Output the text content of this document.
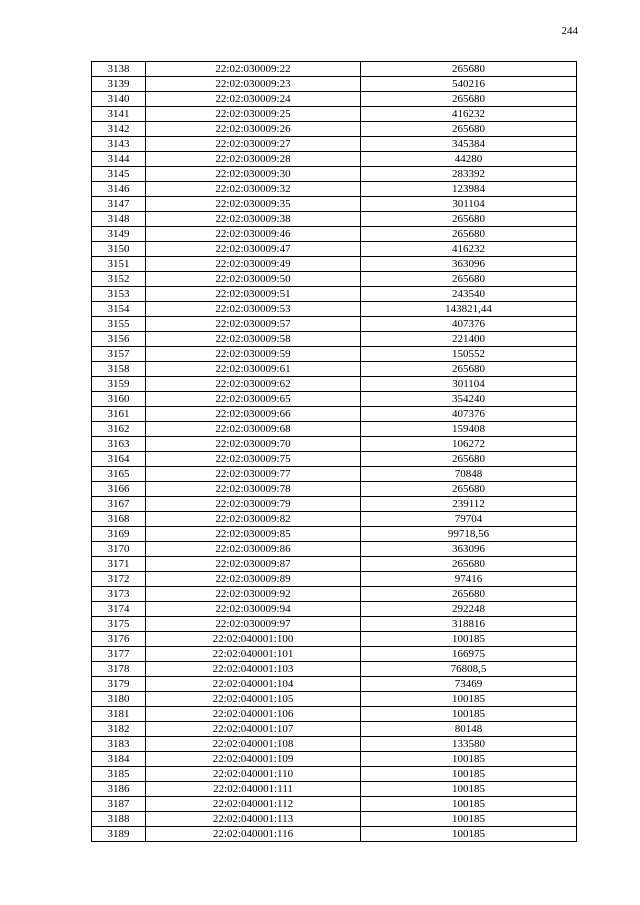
244
3138	22:02:030009:22	265680
3139	22:02:030009:23	540216
3140	22:02:030009:24	265680
3141	22:02:030009:25	416232
3142	22:02:030009:26	265680
3143	22:02:030009:27	345384
3144	22:02:030009:28	44280
3145	22:02:030009:30	283392
3146	22:02:030009:32	123984
3147	22:02:030009:35	301104
3148	22:02:030009:38	265680
3149	22:02:030009:46	265680
3150	22:02:030009:47	416232
3151	22:02:030009:49	363096
3152	22:02:030009:50	265680
3153	22:02:030009:51	243540
3154	22:02:030009:53	143821,44
3155	22:02:030009:57	407376
3156	22:02:030009:58	221400
3157	22:02:030009:59	150552
3158	22:02:030009:61	265680
3159	22:02:030009:62	301104
3160	22:02:030009:65	354240
3161	22:02:030009:66	407376
3162	22:02:030009:68	159408
3163	22:02:030009:70	106272
3164	22:02:030009:75	265680
3165	22:02:030009:77	70848
3166	22:02:030009:78	265680
3167	22:02:030009:79	239112
3168	22:02:030009:82	79704
3169	22:02:030009:85	99718,56
3170	22:02:030009:86	363096
3171	22:02:030009:87	265680
3172	22:02:030009:89	97416
3173	22:02:030009:92	265680
3174	22:02:030009:94	292248
3175	22:02:030009:97	318816
3176	22:02:040001:100	100185
3177	22:02:040001:101	166975
3178	22:02:040001:103	76808,5
3179	22:02:040001:104	73469
3180	22:02:040001:105	100185
3181	22:02:040001:106	100185
3182	22:02:040001:107	80148
3183	22:02:040001:108	133580
3184	22:02:040001:109	100185
3185	22:02:040001:110	100185
3186	22:02:040001:111	100185
3187	22:02:040001:112	100185
3188	22:02:040001:113	100185
3189	22:02:040001:116	100185
